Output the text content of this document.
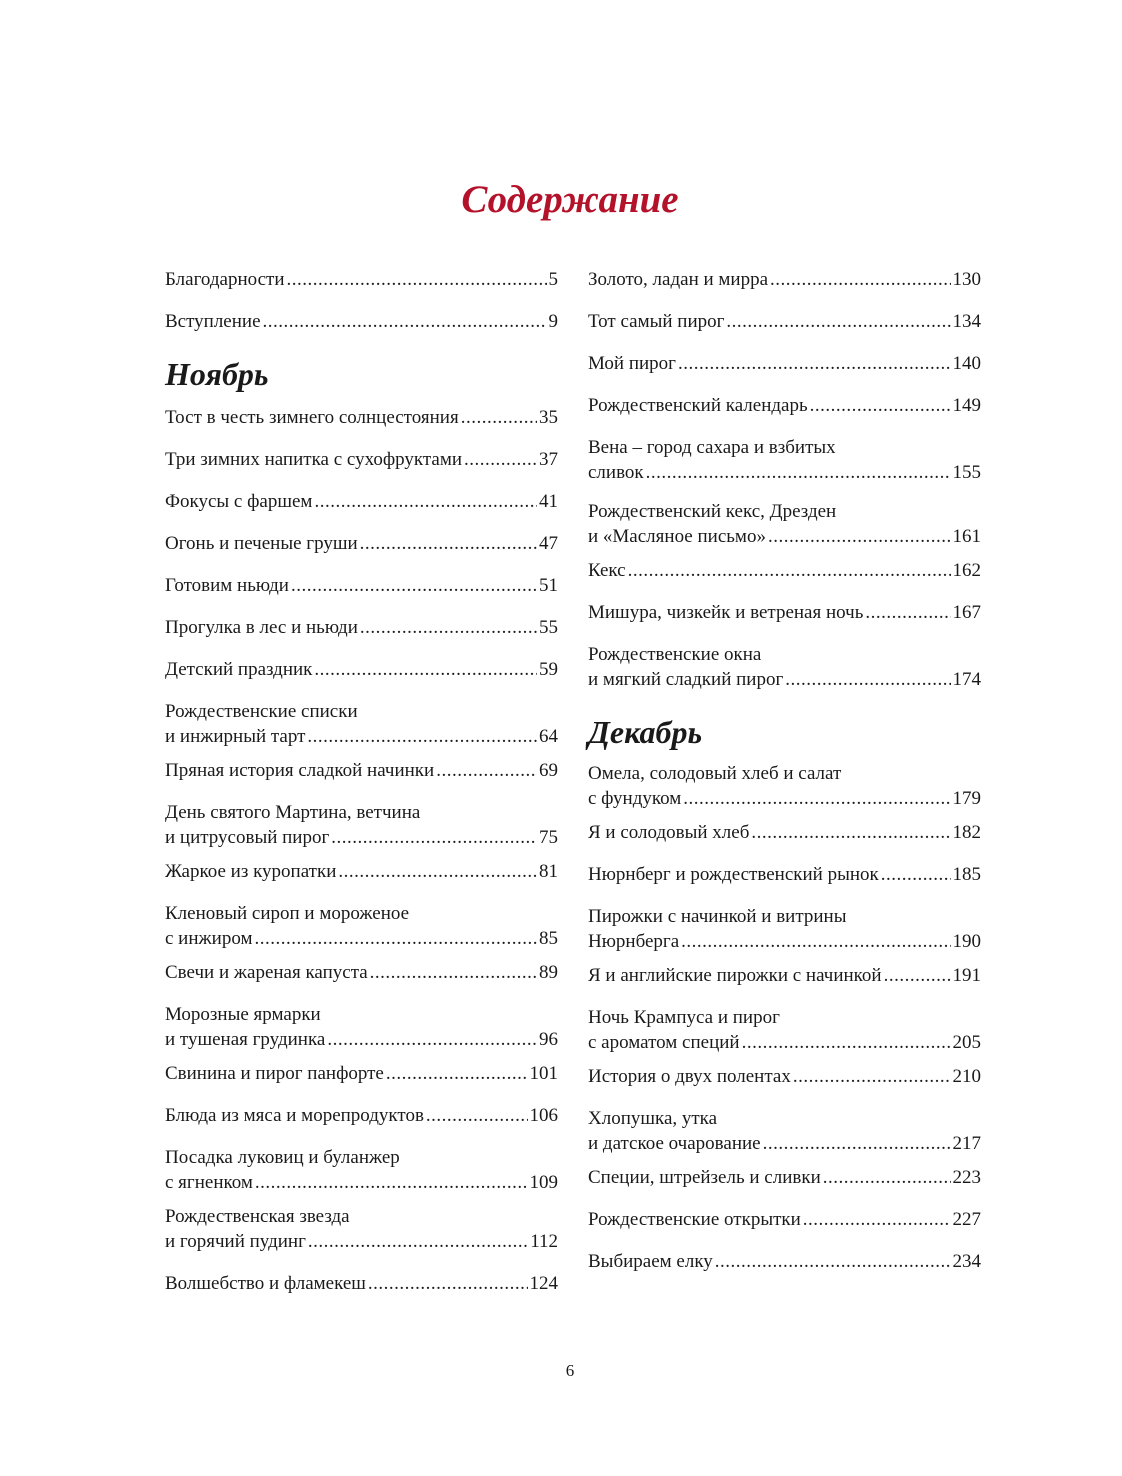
Содержание
Благодарности .....	5
Вступление .....	9
Ноябрь
Тост в честь зимнего солнцестояния .....	35
Три зимних напитка с сухофруктами .....	37
Фокусы с фаршем .....	41
Огонь и печеные груши .....	47
Готовим ньюди .....	51
Прогулка в лес и ньюди .....	55
Детский праздник .....	59
Рождественские списки
и инжирный тарт .....	64
Пряная история сладкой начинки .....	69
День святого Мартина, ветчина
и цитрусовый пирог .....	75
Жаркое из куропатки .....	81
Кленовый сироп и мороженое
с инжиром .....	85
Свечи и жареная капуста .....	89
Морозные ярмарки
и тушеная грудинка .....	96
Свинина и пирог панфорте .....	101
Блюда из мяса и морепродуктов .....	106
Посадка луковиц и буланжер
с ягненком .....	109
Рождественская звезда
и горячий пудинг .....	112
Волшебство и фламекеш .....	124
Золото, ладан и мирра .....	130
Тот самый пирог .....	134
Мой пирог .....	140
Рождественский календарь .....	149
Вена – город сахара и взбитых
сливок .....	155
Рождественский кекс, Дрезден
и «Масляное письмо» .....	161
Кекс .....	162
Мишура, чизкейк и ветреная ночь .....	167
Рождественские окна
и мягкий сладкий пирог .....	174
Декабрь
Омела, солодовый хлеб и салат
с фундуком .....	179
Я и солодовый хлеб .....	182
Нюрнберг и рождественский рынок .....	185
Пирожки с начинкой и витрины
Нюрнберга .....	190
Я и английские пирожки с начинкой .....	191
Ночь Крампуса и пирог
с ароматом специй .....	205
История о двух полентах .....	210
Хлопушка, утка
и датское очарование .....	217
Специи, штрейзель и сливки .....	223
Рождественские открытки .....	227
Выбираем елку .....	234
6
